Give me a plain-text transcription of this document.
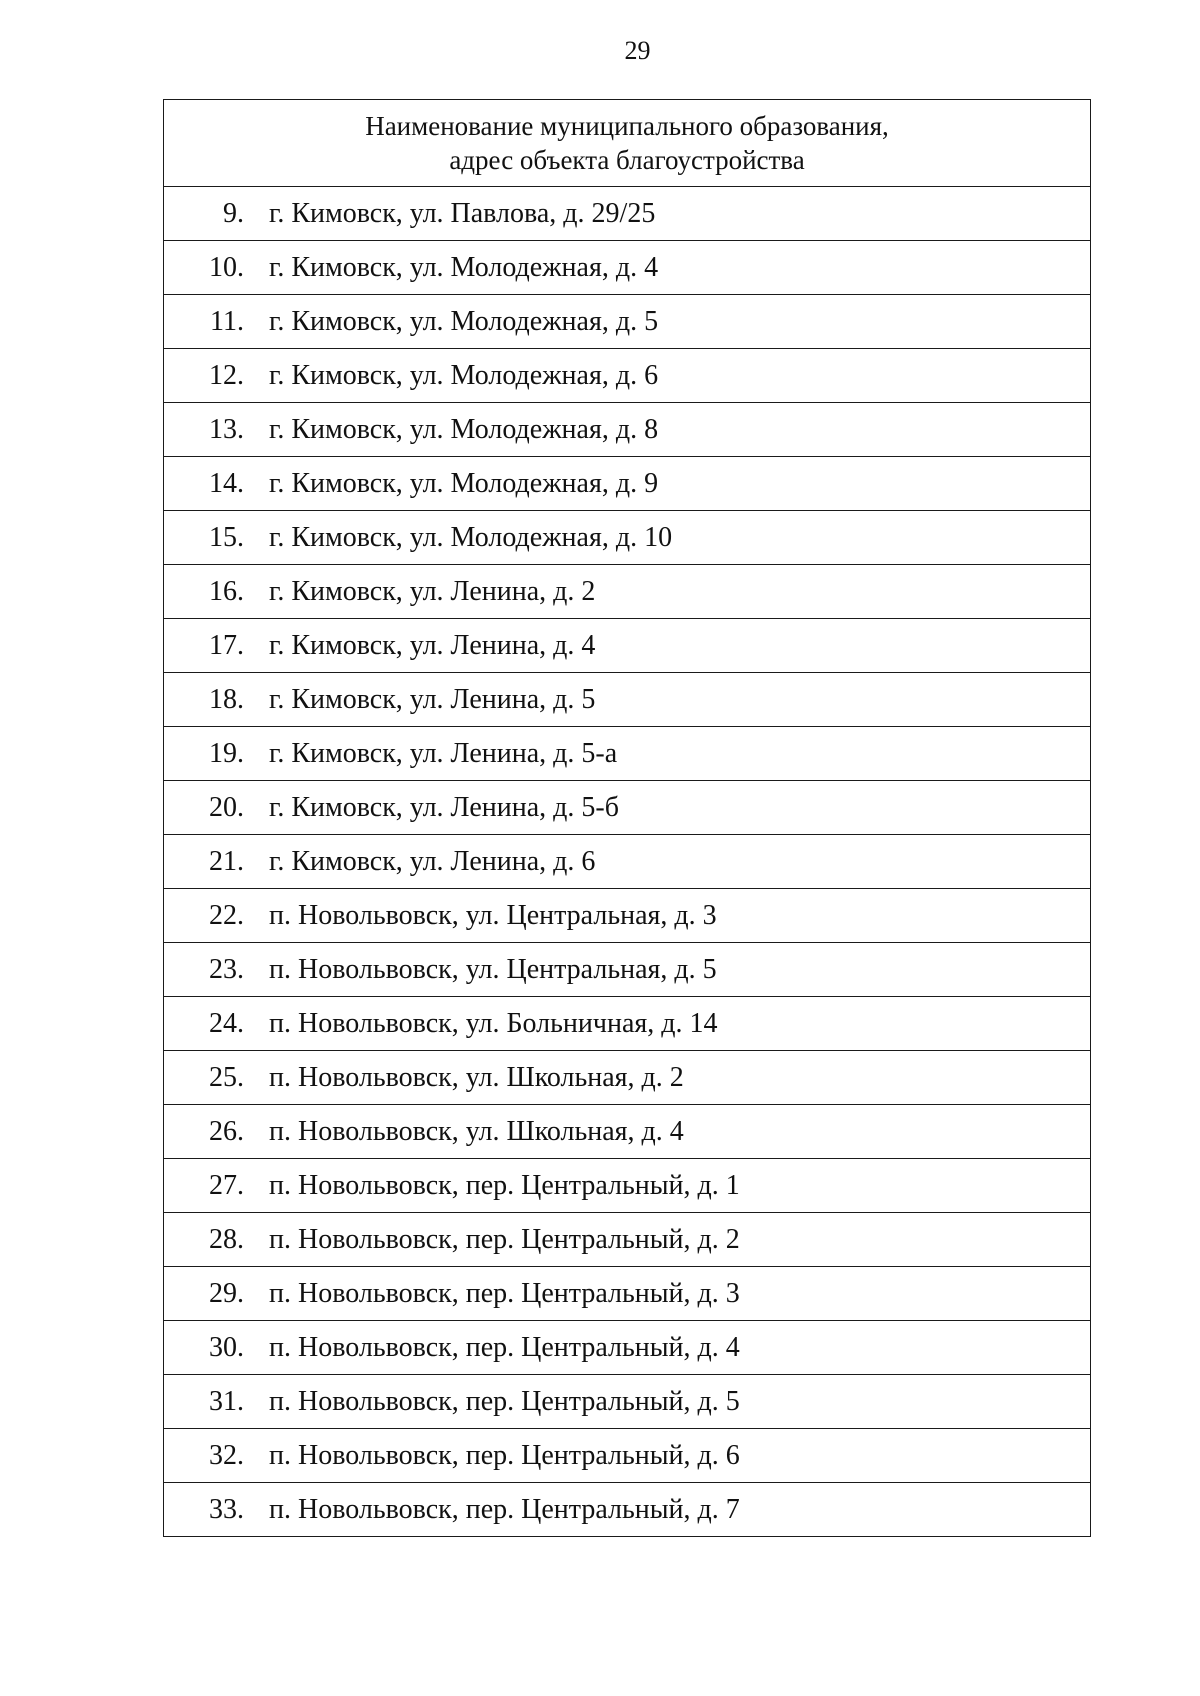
29
Наименование муниципального образования,
адрес объекта благоустройства

9. г. Кимовск, ул. Павлова, д. 29/25

10. г. Кимовск, ул. Молодежная, д. 4

11. г. Кимовск, ул. Молодежная, д. 5

12. г. Кимовск, ул. Молодежная, д. 6

13. г. Кимовск, ул. Молодежная, д. 8

14. г. Кимовск, ул. Молодежная, д. 9

15. г. Кимовск, ул. Молодежная, д. 10

16. г. Кимовск, ул. Ленина, д. 2

17. г. Кимовск, ул. Ленина, д. 4

18. г. Кимовск, ул. Ленина, д. 5

19. г. Кимовск, ул. Ленина, д. 5-а

20. г. Кимовск, ул. Ленина, д. 5-б

21. г. Кимовск, ул. Ленина, д. 6

22. п. Новольвовск, ул. Центральная, д. 3

23. п. Новольвовск, ул. Центральная, д. 5

24. п. Новольвовск, ул. Больничная, д. 14

25. п. Новольвовск, ул. Школьная, д. 2

26. п. Новольвовск, ул. Школьная, д. 4

27. п. Новольвовск, пер. Центральный, д. 1

28. п. Новольвовск, пер. Центральный, д. 2

29. п. Новольвовск, пер. Центральный, д. 3

30. п. Новольвовск, пер. Центральный, д. 4

31. п. Новольвовск, пер. Центральный, д. 5

32. п. Новольвовск, пер. Центральный, д. 6

33. п. Новольвовск, пер. Центральный, д. 7
